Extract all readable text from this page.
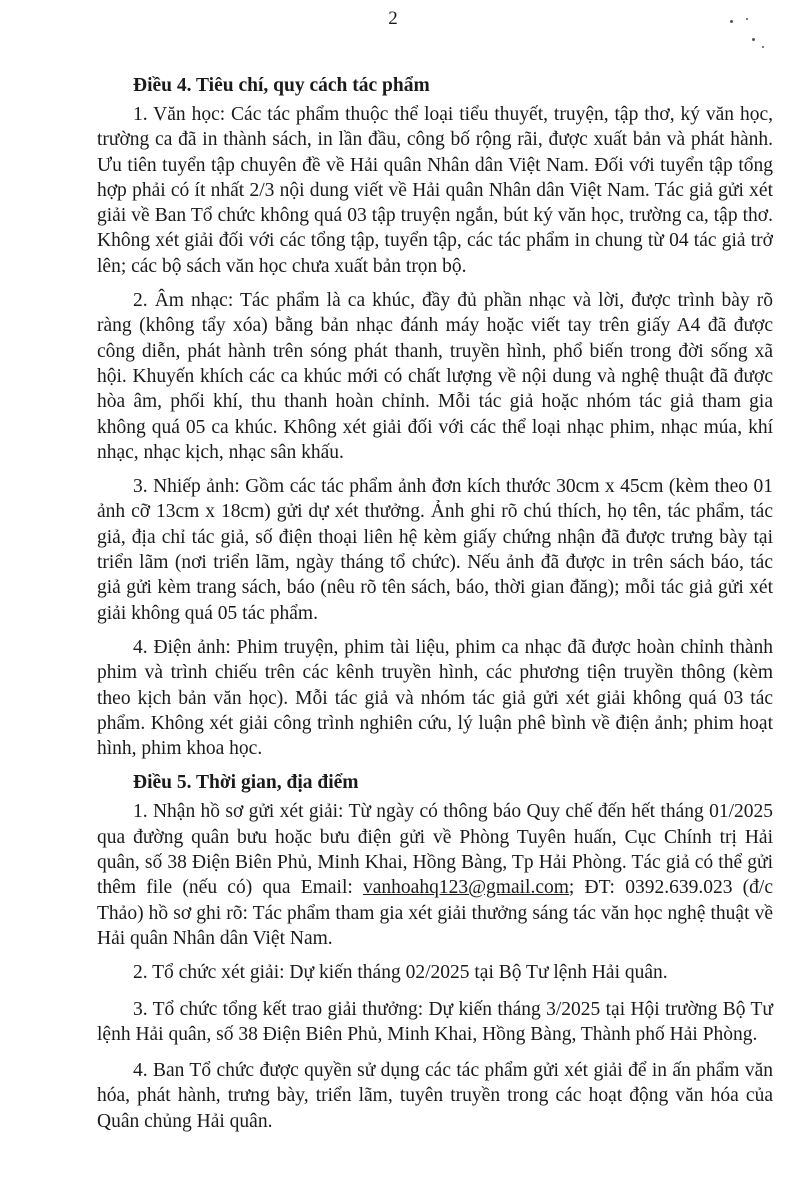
2
Điều 4. Tiêu chí, quy cách tác phẩm

1. Văn học: Các tác phẩm thuộc thể loại tiểu thuyết, truyện, tập thơ, ký văn học, trường ca đã in thành sách, in lần đầu, công bố rộng rãi, được xuất bản và phát hành. Ưu tiên tuyển tập chuyên đề về Hải quân Nhân dân Việt Nam. Đối với tuyển tập tổng hợp phải có ít nhất 2/3 nội dung viết về Hải quân Nhân dân Việt Nam. Tác giả gửi xét giải về Ban Tổ chức không quá 03 tập truyện ngắn, bút ký văn học, trường ca, tập thơ. Không xét giải đối với các tổng tập, tuyển tập, các tác phẩm in chung từ 04 tác giả trở lên; các bộ sách văn học chưa xuất bản trọn bộ.

2. Âm nhạc: Tác phẩm là ca khúc, đầy đủ phần nhạc và lời, được trình bày rõ ràng (không tẩy xóa) bằng bản nhạc đánh máy hoặc viết tay trên giấy A4 đã được công diễn, phát hành trên sóng phát thanh, truyền hình, phổ biến trong đời sống xã hội. Khuyến khích các ca khúc mới có chất lượng về nội dung và nghệ thuật đã được hòa âm, phối khí, thu thanh hoàn chỉnh. Mỗi tác giả hoặc nhóm tác giả tham gia không quá 05 ca khúc. Không xét giải đối với các thể loại nhạc phim, nhạc múa, khí nhạc, nhạc kịch, nhạc sân khấu.

3. Nhiếp ảnh: Gồm các tác phẩm ảnh đơn kích thước 30cm x 45cm (kèm theo 01 ảnh cỡ 13cm x 18cm) gửi dự xét thưởng. Ảnh ghi rõ chú thích, họ tên, tác phẩm, tác giả, địa chỉ tác giả, số điện thoại liên hệ kèm giấy chứng nhận đã được trưng bày tại triển lãm (nơi triển lãm, ngày tháng tổ chức). Nếu ảnh đã được in trên sách báo, tác giả gửi kèm trang sách, báo (nêu rõ tên sách, báo, thời gian đăng); mỗi tác giả gửi xét giải không quá 05 tác phẩm.

4. Điện ảnh: Phim truyện, phim tài liệu, phim ca nhạc đã được hoàn chỉnh thành phim và trình chiếu trên các kênh truyền hình, các phương tiện truyền thông (kèm theo kịch bản văn học). Mỗi tác giả và nhóm tác giả gửi xét giải không quá 03 tác phẩm. Không xét giải công trình nghiên cứu, lý luận phê bình về điện ảnh; phim hoạt hình, phim khoa học.

Điều 5. Thời gian, địa điểm

1. Nhận hồ sơ gửi xét giải: Từ ngày có thông báo Quy chế đến hết tháng 01/2025 qua đường quân bưu hoặc bưu điện gửi về Phòng Tuyên huấn, Cục Chính trị Hải quân, số 38 Điện Biên Phủ, Minh Khai, Hồng Bàng, Tp Hải Phòng. Tác giả có thể gửi thêm file (nếu có) qua Email: vanhoahq123@gmail.com; ĐT: 0392.639.023 (đ/c Thảo) hồ sơ ghi rõ: Tác phẩm tham gia xét giải thưởng sáng tác văn học nghệ thuật về Hải quân Nhân dân Việt Nam.

2. Tổ chức xét giải: Dự kiến tháng 02/2025 tại Bộ Tư lệnh Hải quân.

3. Tổ chức tổng kết trao giải thưởng: Dự kiến tháng 3/2025 tại Hội trường Bộ Tư lệnh Hải quân, số 38 Điện Biên Phủ, Minh Khai, Hồng Bàng, Thành phố Hải Phòng.

4. Ban Tổ chức được quyền sử dụng các tác phẩm gửi xét giải để in ấn phẩm văn hóa, phát hành, trưng bày, triển lãm, tuyên truyền trong các hoạt động văn hóa của Quân chủng Hải quân.
